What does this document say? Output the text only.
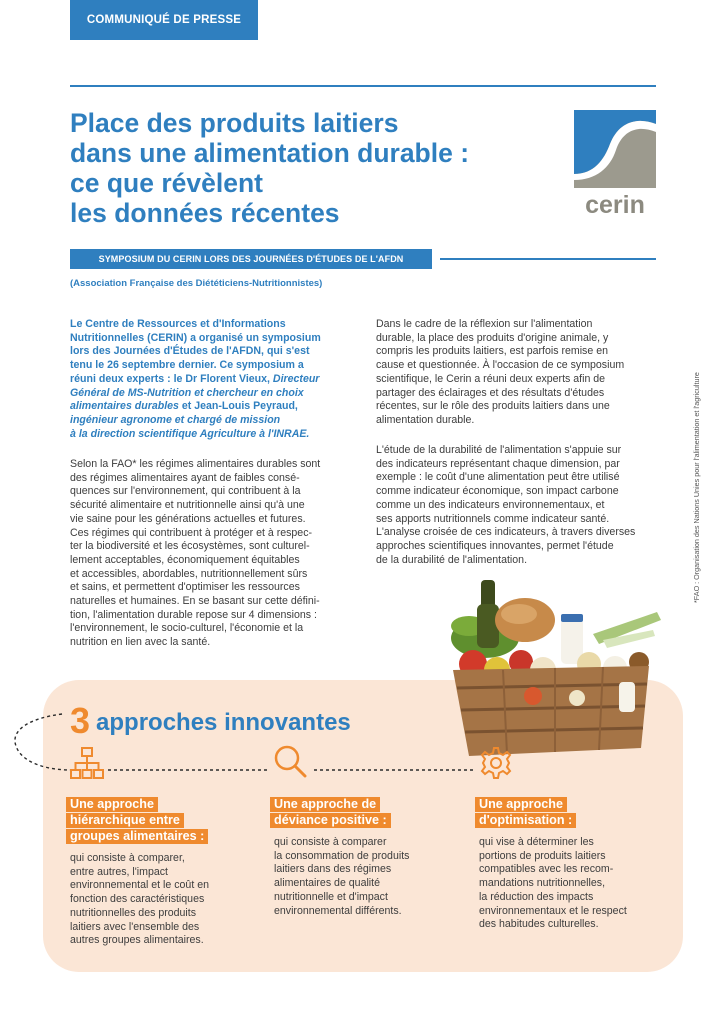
COMMUNIQUÉ DE PRESSE
Place des produits laitiers
dans une alimentation durable :
ce que révèlent
les données récentes	cerin
SYMPOSIUM DU CERIN LORS DES JOURNÉES D'ÉTUDES DE L'AFDN
(Association Française des Diététiciens-Nutritionnistes)
Le Centre de Ressources et d'Informations
Nutritionnelles (CERIN) a organisé un symposium
lors des Journées d'Études de l'AFDN, qui s'est
tenu le 26 septembre dernier. Ce symposium a
réuni deux experts : le Dr Florent Vieux, Directeur
Général de MS-Nutrition et chercheur en choix
alimentaires durables et Jean-Louis Peyraud,
ingénieur agronome et chargé de mission
à la direction scientifique Agriculture à l'INRAE.
Selon la FAO* les régimes alimentaires durables sont
des régimes alimentaires ayant de faibles consé-
quences sur l'environnement, qui contribuent à la
sécurité alimentaire et nutritionnelle ainsi qu'à une
vie saine pour les générations actuelles et futures.
Ces régimes qui contribuent à protéger et à respec-
ter la biodiversité et les écosystèmes, sont culturel-
lement acceptables, économiquement équitables
et accessibles, abordables, nutritionnellement sûrs
et sains, et permettent d'optimiser les ressources
naturelles et humaines. En se basant sur cette défini-
tion, l'alimentation durable repose sur 4 dimensions :
l'environnement, le socio-culturel, l'économie et la
nutrition en lien avec la santé.
Dans le cadre de la réflexion sur l'alimentation
durable, la place des produits d'origine animale, y
compris les produits laitiers, est parfois remise en
cause et questionnée. À l'occasion de ce symposium
scientifique, le Cerin a réuni deux experts afin de
partager des éclairages et des résultats d'études
récentes, sur le rôle des produits laitiers dans une
alimentation durable.
L'étude de la durabilité de l'alimentation s'appuie sur
des indicateurs représentant chaque dimension, par
exemple : le coût d'une alimentation peut être utilisé
comme indicateur économique, son impact carbone
comme un des indicateurs environnementaux, et
ses apports nutritionnels comme indicateur santé.
L'analyse croisée de ces indicateurs, à travers diverses
approches scientifiques innovantes, permet l'étude
de la durabilité de l'alimentation.	*FAO : Organisation des Nations Unies pour l'alimentation et l'agriculture
3 approches innovantes
Une approche
hiérarchique entre
groupes alimentaires :
qui consiste à comparer,
entre autres, l'impact
environnemental et le coût en
fonction des caractéristiques
nutritionnelles des produits
laitiers avec l'ensemble des
autres groupes alimentaires.
Une approche de
déviance positive :
qui consiste à comparer
la consommation de produits
laitiers dans des régimes
alimentaires de qualité
nutritionnelle et d'impact
environnemental différents.
Une approche
d'optimisation :
qui vise à déterminer les
portions de produits laitiers
compatibles avec les recom-
mandations nutritionnelles,
la réduction des impacts
environnementaux et le respect
des habitudes culturelles.
